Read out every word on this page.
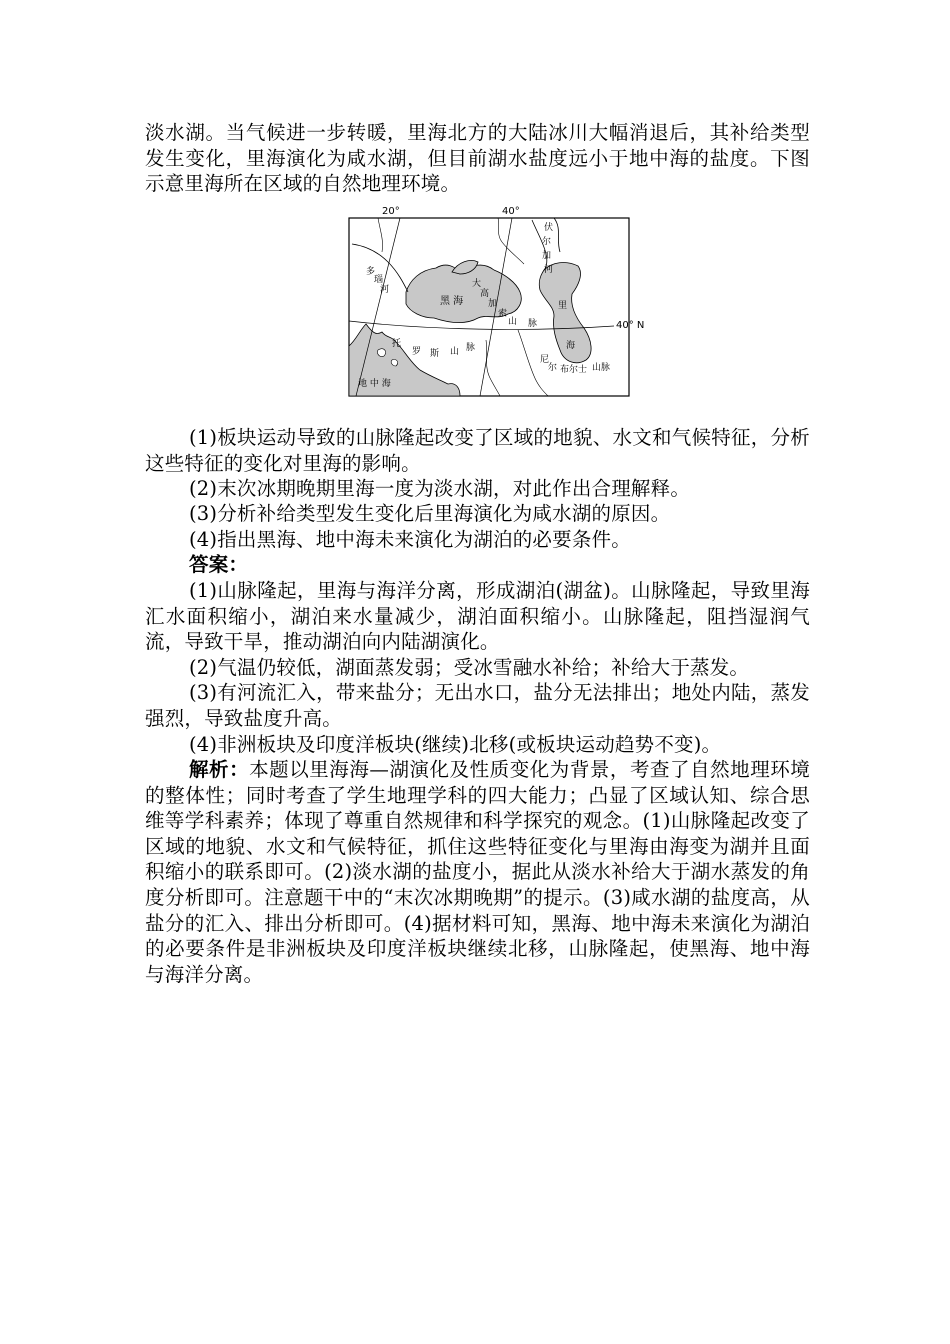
淡水湖。当气候进一步转暖，里海北方的大陆冰川大幅消退后，其补给类型发生变化，里海演化为咸水湖，但目前湖水盐度远小于地中海的盐度。下图示意里海所在区域的自然地理环境。

20°	40°
40° N
伏
尔
加
河
多
瑙
河
大
高
加
索
山 脉
黑 海	里
海
托
罗 斯 山 脉
尼
尔 布尔士 山脉
地 中 海

(1)板块运动导致的山脉隆起改变了区域的地貌、水文和气候特征，分析这些特征的变化对里海的影响。

(2)末次冰期晚期里海一度为淡水湖，对此作出合理解释。

(3)分析补给类型发生变化后里海演化为咸水湖的原因。

(4)指出黑海、地中海未来演化为湖泊的必要条件。

答案：

(1)山脉隆起，里海与海洋分离，形成湖泊(湖盆)。山脉隆起，导致里海汇水面积缩小，湖泊来水量减少，湖泊面积缩小。山脉隆起，阻挡湿润气流，导致干旱，推动湖泊向内陆湖演化。

(2)气温仍较低，湖面蒸发弱；受冰雪融水补给；补给大于蒸发。

(3)有河流汇入，带来盐分；无出水口，盐分无法排出；地处内陆，蒸发强烈，导致盐度升高。

(4)非洲板块及印度洋板块(继续)北移(或板块运动趋势不变)。

解析：本题以里海海—湖演化及性质变化为背景，考查了自然地理环境的整体性；同时考查了学生地理学科的四大能力；凸显了区域认知、综合思维等学科素养；体现了尊重自然规律和科学探究的观念。(1)山脉隆起改变了区域的地貌、水文和气候特征，抓住这些特征变化与里海由海变为湖并且面积缩小的联系即可。(2)淡水湖的盐度小，据此从淡水补给大于湖水蒸发的角度分析即可。注意题干中的“末次冰期晚期”的提示。(3)咸水湖的盐度高，从盐分的汇入、排出分析即可。(4)据材料可知，黑海、地中海未来演化为湖泊的必要条件是非洲板块及印度洋板块继续北移，山脉隆起，使黑海、地中海与海洋分离。
